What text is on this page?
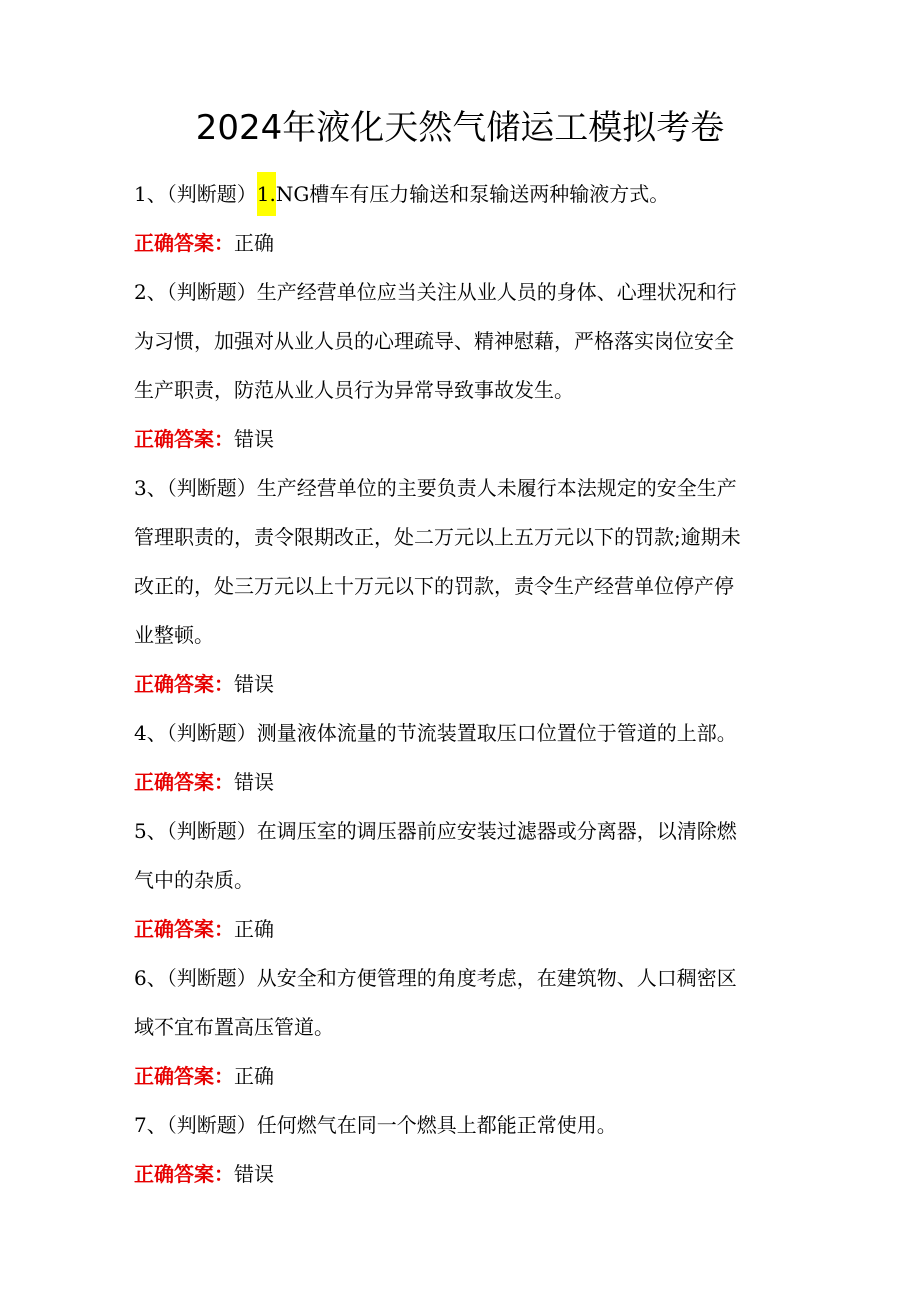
2024年液化天然气储运工模拟考卷
1、（判断题）1.NG槽车有压力输送和泵输送两种输液方式。
正确答案：正确
2、（判断题）生产经营单位应当关注从业人员的身体、心理状况和行
为习惯，加强对从业人员的心理疏导、精神慰藉，严格落实岗位安全
生产职责，防范从业人员行为异常导致事故发生。
正确答案：错误
3、（判断题）生产经营单位的主要负责人未履行本法规定的安全生产
管理职责的，责令限期改正，处二万元以上五万元以下的罚款;逾期未
改正的，处三万元以上十万元以下的罚款，责令生产经营单位停产停
业整顿。
正确答案：错误
4、（判断题）测量液体流量的节流装置取压口位置位于管道的上部。
正确答案：错误
5、（判断题）在调压室的调压器前应安装过滤器或分离器，以清除燃
气中的杂质。
正确答案：正确
6、（判断题）从安全和方便管理的角度考虑，在建筑物、人口稠密区
域不宜布置高压管道。
正确答案：正确
7、（判断题）任何燃气在同一个燃具上都能正常使用。
正确答案：错误
